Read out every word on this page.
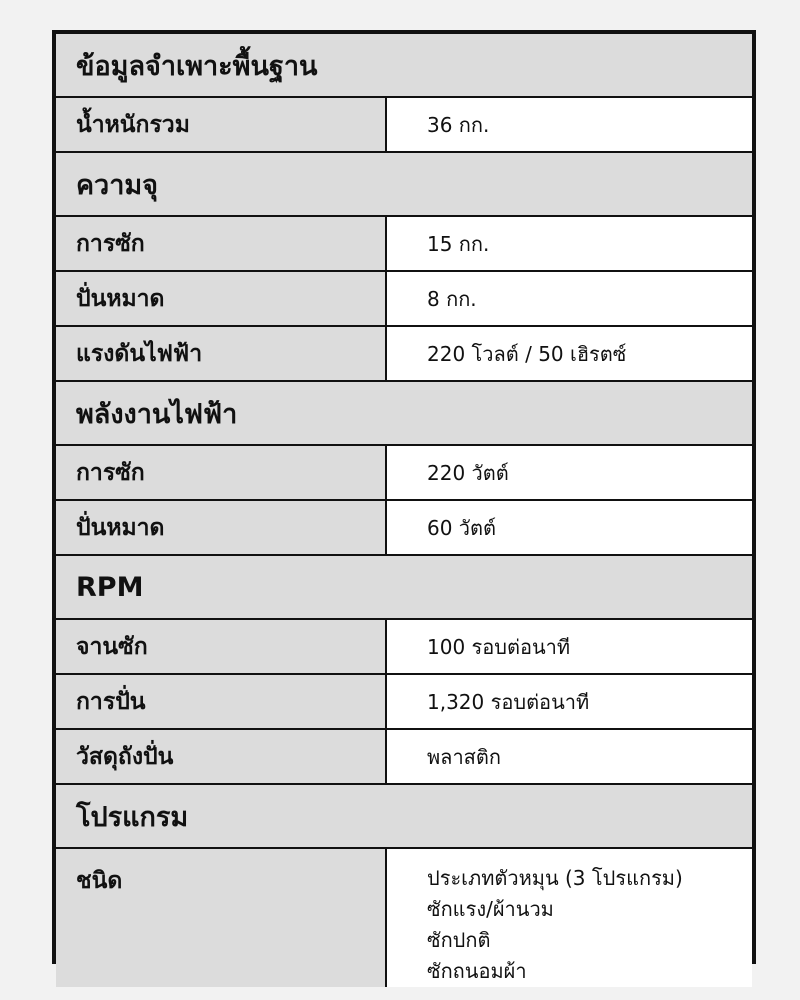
ข้อมูลจำเพาะพื้นฐาน
น้ำหนักรวม	36 กก.
ความจุ
การซัก	15 กก.
ปั่นหมาด	8 กก.
แรงดันไฟฟ้า	220 โวลต์ / 50 เฮิรตซ์
พลังงานไฟฟ้า
การซัก	220 วัตต์
ปั่นหมาด	60 วัตต์
RPM
จานซัก	100 รอบต่อนาที
การปั่น	1,320 รอบต่อนาที
วัสดุถังปั่น	พลาสติก
โปรแกรม
ชนิด	ประเภทตัวหมุน (3 โปรแกรม)
ซักแรง/ผ้านวม
ซักปกติ
ซักถนอมผ้า
